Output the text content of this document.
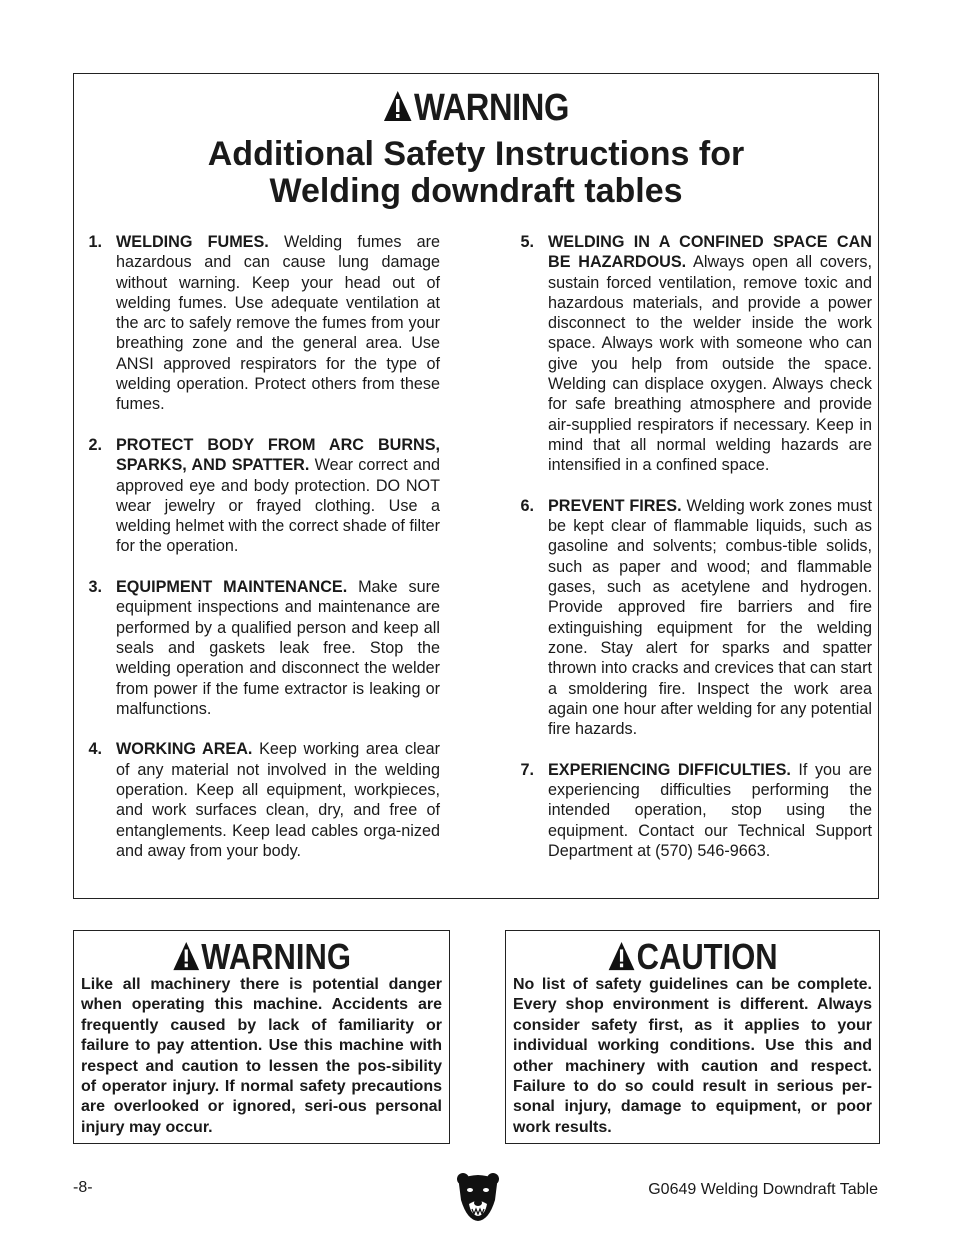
WARNING
Additional Safety Instructions for
Welding downdraft tables
1. WELDING FUMES. Welding fumes are hazardous and can cause lung damage without warning. Keep your head out of welding fumes. Use adequate ventilation at the arc to safely remove the fumes from your breathing zone and the general area. Use ANSI approved respirators for the type of welding operation. Protect others from these fumes.
2. PROTECT BODY FROM ARC BURNS, SPARKS, AND SPATTER. Wear correct and approved eye and body protection. DO NOT wear jewelry or frayed clothing. Use a welding helmet with the correct shade of filter for the operation.
3. EQUIPMENT MAINTENANCE. Make sure equipment inspections and maintenance are performed by a qualified person and keep all seals and gaskets leak free. Stop the welding operation and disconnect the welder from power if the fume extractor is leaking or malfunctions.
4. WORKING AREA. Keep working area clear of any material not involved in the welding operation. Keep all equipment, workpieces, and work surfaces clean, dry, and free of entanglements. Keep lead cables orga-nized and away from your body.
5. WELDING IN A CONFINED SPACE CAN BE HAZARDOUS. Always open all covers, sustain forced ventilation, remove toxic and hazardous materials, and provide a power disconnect to the welder inside the work space. Always work with someone who can give you help from outside the space. Welding can displace oxygen. Always check for safe breathing atmosphere and provide air-supplied respirators if necessary. Keep in mind that all normal welding hazards are intensified in a confined space.
6. PREVENT FIRES. Welding work zones must be kept clear of flammable liquids, such as gasoline and solvents; combus-tible solids, such as paper and wood; and flammable gases, such as acetylene and hydrogen. Provide approved fire barriers and fire extinguishing equipment for the welding zone. Stay alert for sparks and spatter thrown into cracks and crevices that can start a smoldering fire. Inspect the work area again one hour after welding for any potential fire hazards.
7. EXPERIENCING DIFFICULTIES. If you are experiencing difficulties performing the intended operation, stop using the equipment. Contact our Technical Support Department at (570) 546-9663.
WARNING
Like all machinery there is potential danger when operating this machine. Accidents are frequently caused by lack of familiarity or failure to pay attention. Use this machine with respect and caution to lessen the pos-sibility of operator injury. If normal safety precautions are overlooked or ignored, seri-ous personal injury may occur.
CAUTION
No list of safety guidelines can be complete. Every shop environment is different. Always consider safety first, as it applies to your individual working conditions. Use this and other machinery with caution and respect. Failure to do so could result in serious per-sonal injury, damage to equipment, or poor work results.
-8-	G0649 Welding Downdraft Table
